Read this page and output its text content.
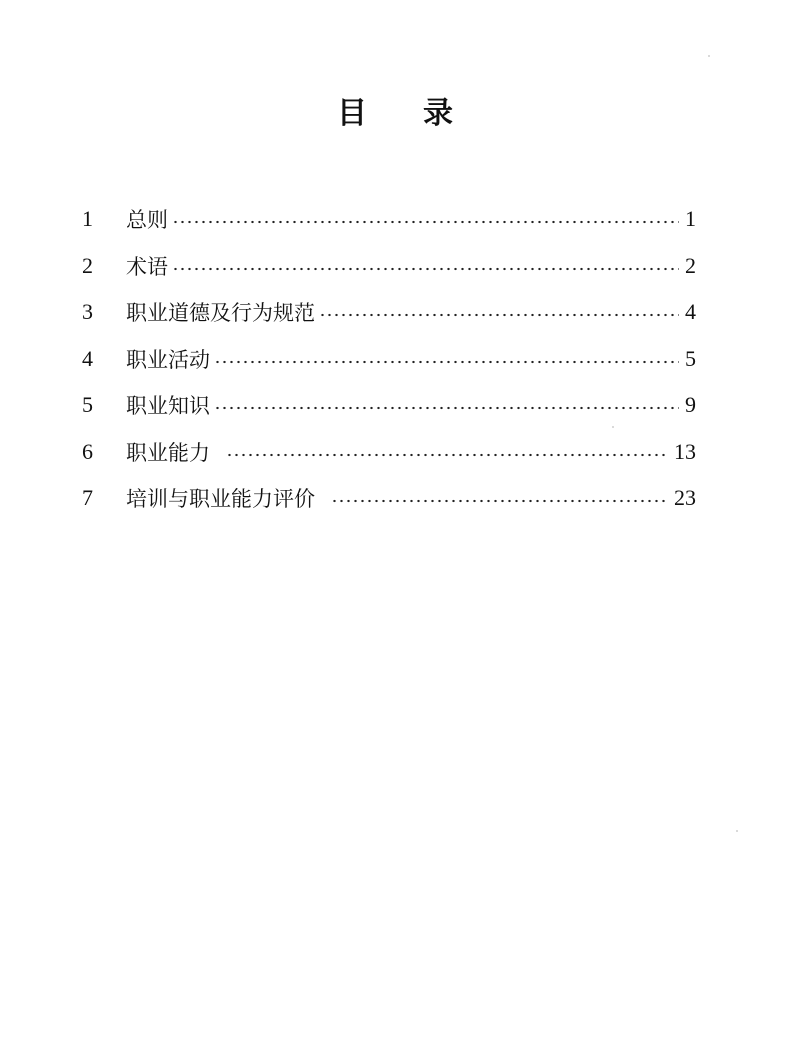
目 录
1	总则	1
2	术语	2
3	职业道德及行为规范	4
4	职业活动	5
5	职业知识	9
6	职业能力	13
7	培训与职业能力评价	23
